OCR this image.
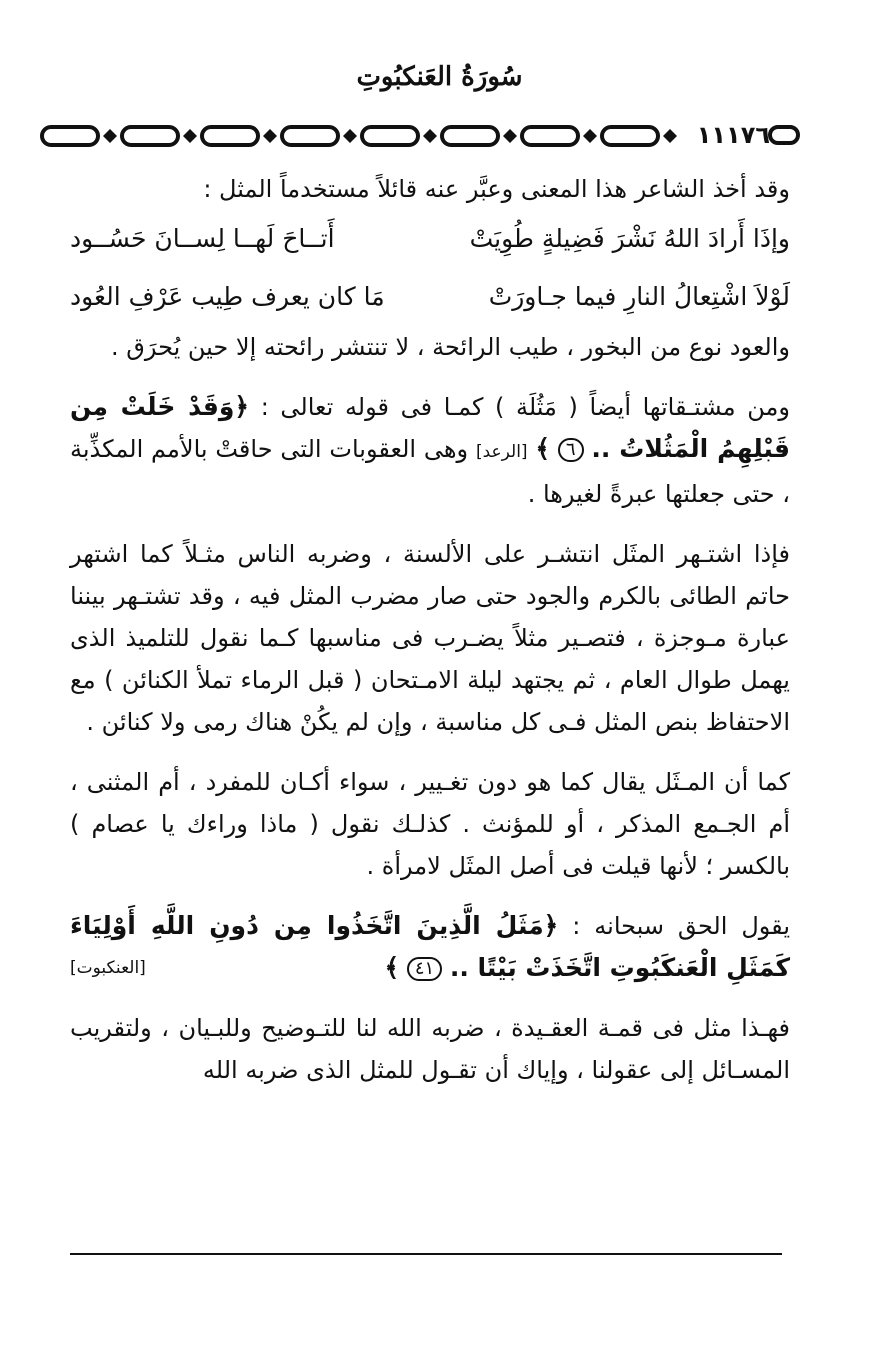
سُورَةُ العَنكبُوتِ
١١١٧٦

وقد أخذ الشاعر هذا المعنى وعبَّر عنه قائلاً مستخدماً المثل :

وإذَا أَرادَ اللهُ نَشْرَ فَضِيلةٍ طُوِيَتْ
أَتــاحَ لَهــا لِســانَ حَسُــود
لَوْلاَ اشْتِعالُ النارِ فيما جـاورَتْ
مَا كان يعرف طِيب عَرْفِ العُود

والعود نوع من البخور ، طيب الرائحة ، لا تنتشر رائحته إلا حين يُحرَق .

ومن مشتـقاتها أيضاً ( مَثُلَة ) كمـا فى قوله تعالى : ﴿وَقَدْ خَلَتْ مِن قَبْلِهِمُ الْمَثُلاتُ .. ٦ ﴾ [الرعد] وهى العقوبات التى حاقتْ بالأمم المكذِّبة ، حتى جعلتها عبرةً لغيرها .

فإذا اشتـهر المثَل انتشـر على الألسنة ، وضربه الناس مثـلاً كما اشتهر حاتم الطائى بالكرم والجود حتى صار مضرب المثل فيه ، وقد تشتـهر بيننا عبارة مـوجزة ، فتصـير مثلاً يضـرب فى مناسبها كـما نقول للتلميذ الذى يهمل طوال العام ، ثم يجتهد ليلة الامـتحان ( قبل الرماء تملأ الكنائن ) مع الاحتفاظ بنص المثل فـى كل مناسبة ، وإن لم يكُنْ هناك رمى ولا كنائن .

كما أن المـثَل يقال كما هو دون تغـيير ، سواء أكـان للمفرد ، أم المثنى ، أم الجـمع المذكر ، أو للمؤنث . كذلـك نقول ( ماذا وراءك يا عصام ) بالكسر ؛ لأنها قيلت فى أصل المثَل لامرأة .

يقول الحق سبحانه : ﴿مَثَلُ الَّذِينَ اتَّخَذُوا مِن دُونِ اللَّهِ أَوْلِيَاءَ كَمَثَلِ الْعَنكَبُوتِ اتَّخَذَتْ بَيْتًا .. ٤١ ﴾
[العنكبوت]

فهـذا مثل فى قمـة العقـيدة ، ضربه الله لنا للتـوضيح وللبـيان ، ولتقريب المسـائل إلى عقولنا ، وإياك أن تقـول للمثل الذى ضربه الله
